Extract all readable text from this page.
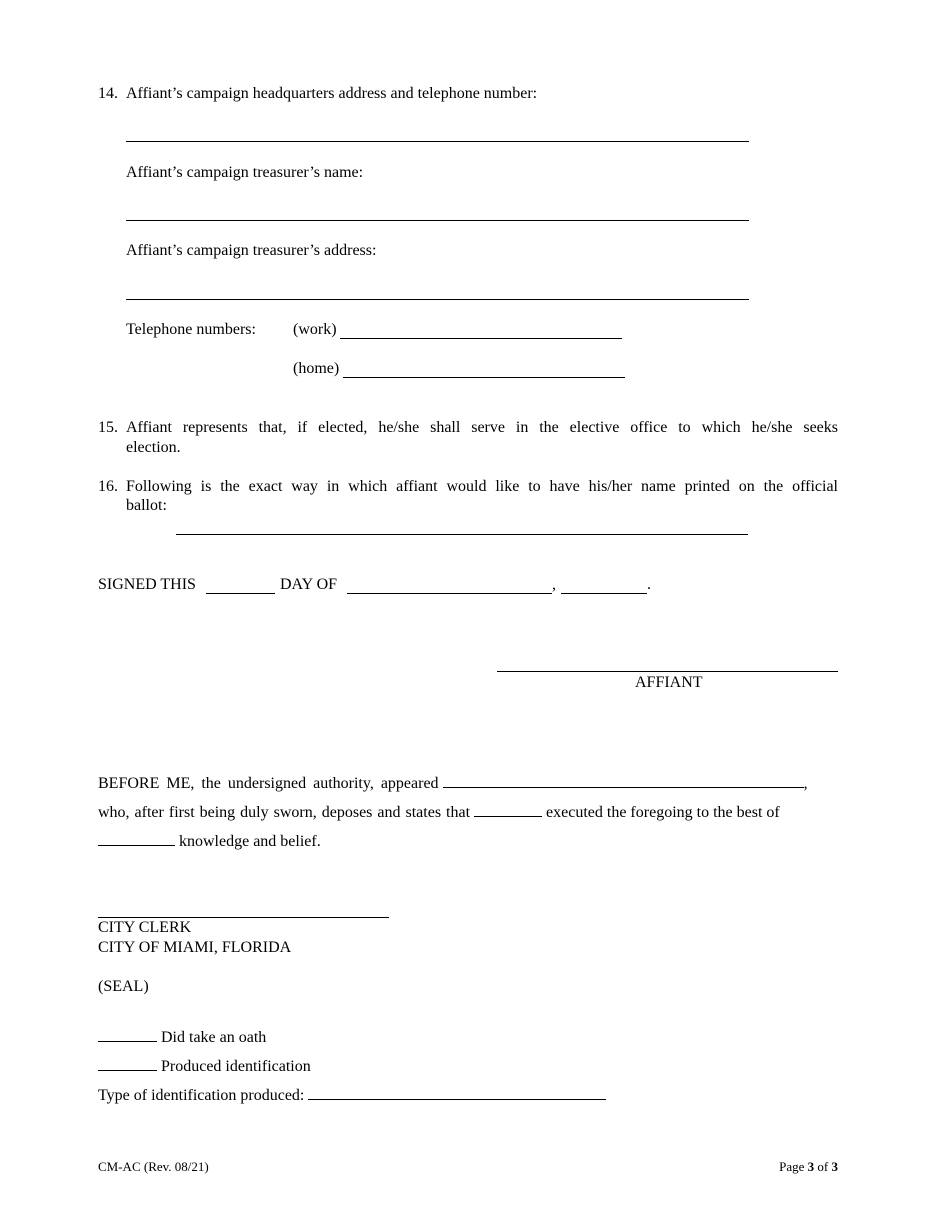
14. Affiant’s campaign headquarters address and telephone number:
Affiant’s campaign treasurer’s name:
Affiant’s campaign treasurer’s address:
Telephone numbers: (work)
(home)
15. Affiant represents that, if elected, he/she shall serve in the elective office to which he/she seeks
election.
16. Following is the exact way in which affiant would like to have his/her name printed on the official
ballot:
SIGNED THIS	DAY OF	,	.
AFFIANT
BEFORE ME, the undersigned authority, appeared	,
who, after first being duly sworn, deposes and states that	executed the foregoing to the best of
knowledge and belief.
CITY CLERK
CITY OF MIAMI, FLORIDA
(SEAL)
Did take an oath
Produced identification
Type of identification produced:
CM-AC (Rev. 08/21)	Page 3 of 3
